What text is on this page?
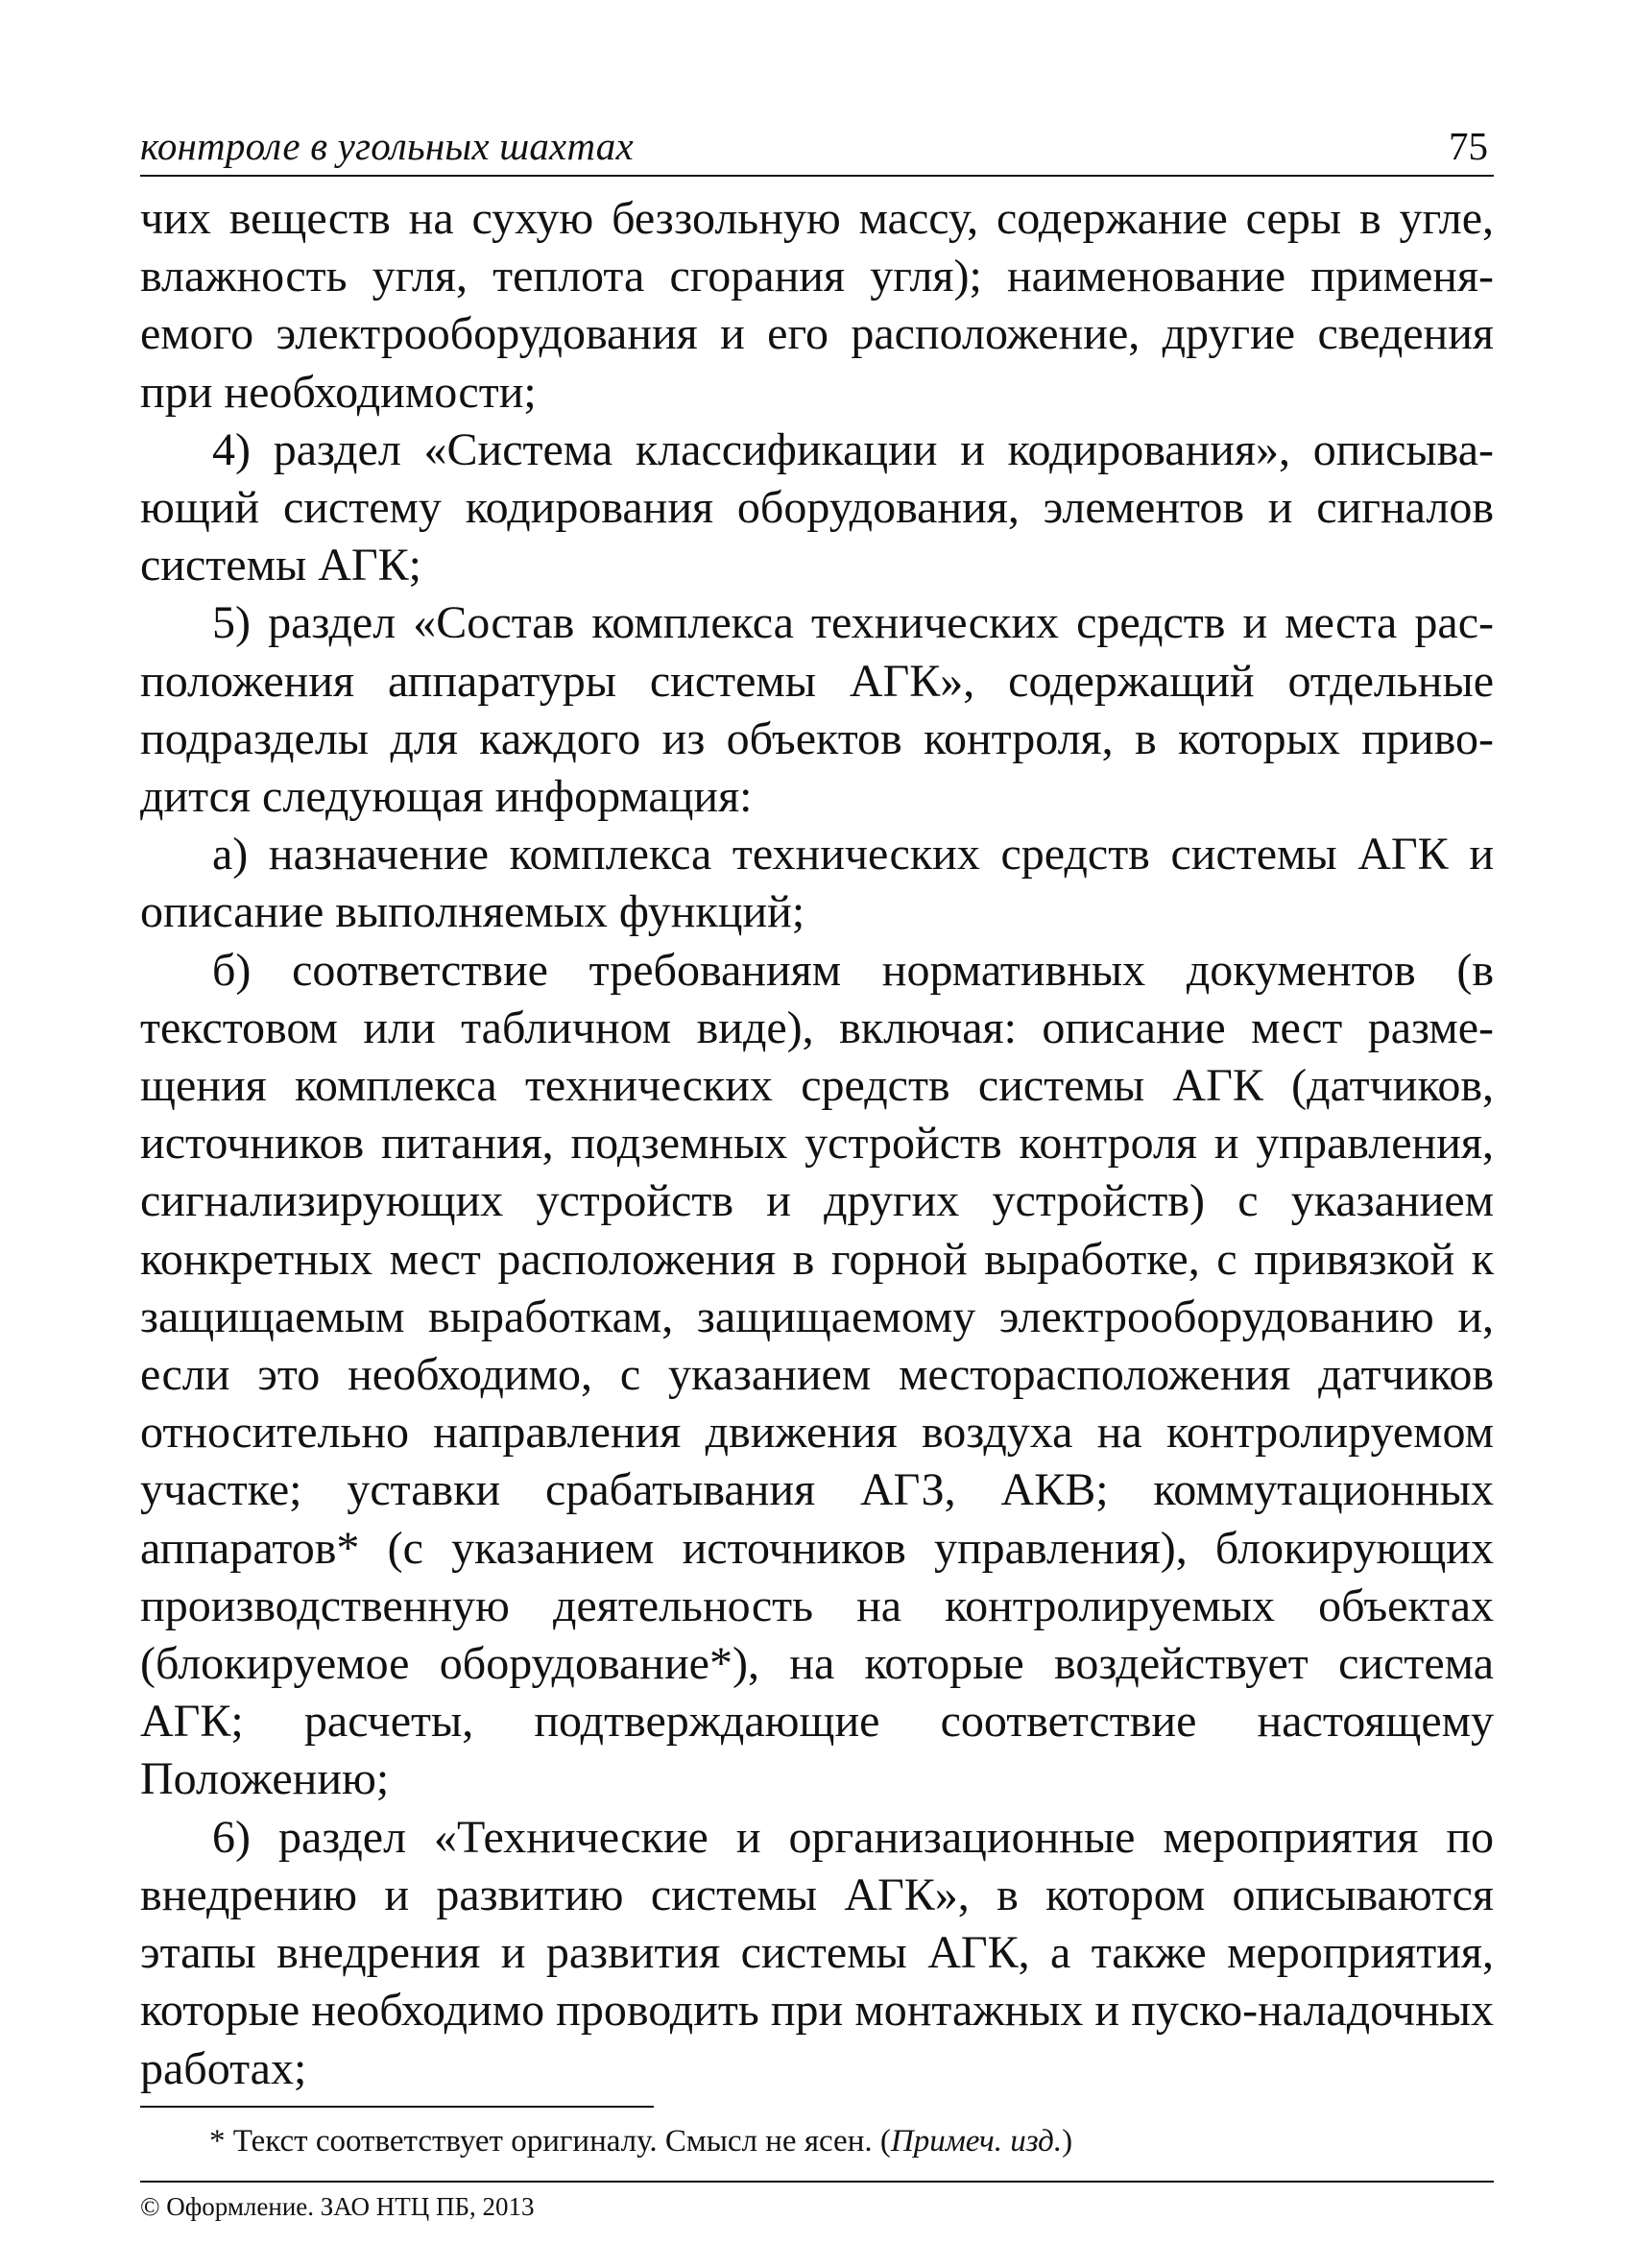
контроле в угольных шахтах	75

чих веществ на сухую беззольную массу, содержание серы в угле, влажность угля, теплота сгорания угля); наименование применяемого электрооборудования и его расположение, другие сведения при необходимости;

4) раздел «Система классификации и кодирования», описывающий систему кодирования оборудования, элементов и сигналов системы АГК;

5) раздел «Состав комплекса технических средств и места расположения аппаратуры системы АГК», содержащий отдельные подразделы для каждого из объектов контроля, в которых приводится следующая информация:

а) назначение комплекса технических средств системы АГК и описание выполняемых функций;

б) соответствие требованиям нормативных документов (в текстовом или табличном виде), включая: описание мест размещения комплекса технических средств системы АГК (датчиков, источников питания, подземных устройств контроля и управления, сигнализирующих устройств и других устройств) с указанием конкретных мест расположения в горной выработке, с привязкой к защищаемым выработкам, защищаемому электрооборудованию и, если это необходимо, с указанием месторасположения датчиков относительно направления движения воздуха на контролируемом участке; уставки срабатывания АГЗ, АКВ; коммутационных аппаратов* (с указанием источников управления), блокирующих производственную деятельность на контролируемых объектах (блокируемое оборудование*), на которые воздействует система АГК; расчеты, подтверждающие соответствие настоящему Положению;

6) раздел «Технические и организационные мероприятия по внедрению и развитию системы АГК», в котором описываются этапы внедрения и развития системы АГК, а также мероприятия, которые необходимо проводить при монтажных и пуско-наладочных работах;

* Текст соответствует оригиналу. Смысл не ясен. (Примеч. изд.)
© Оформление. ЗАО НТЦ ПБ, 2013
